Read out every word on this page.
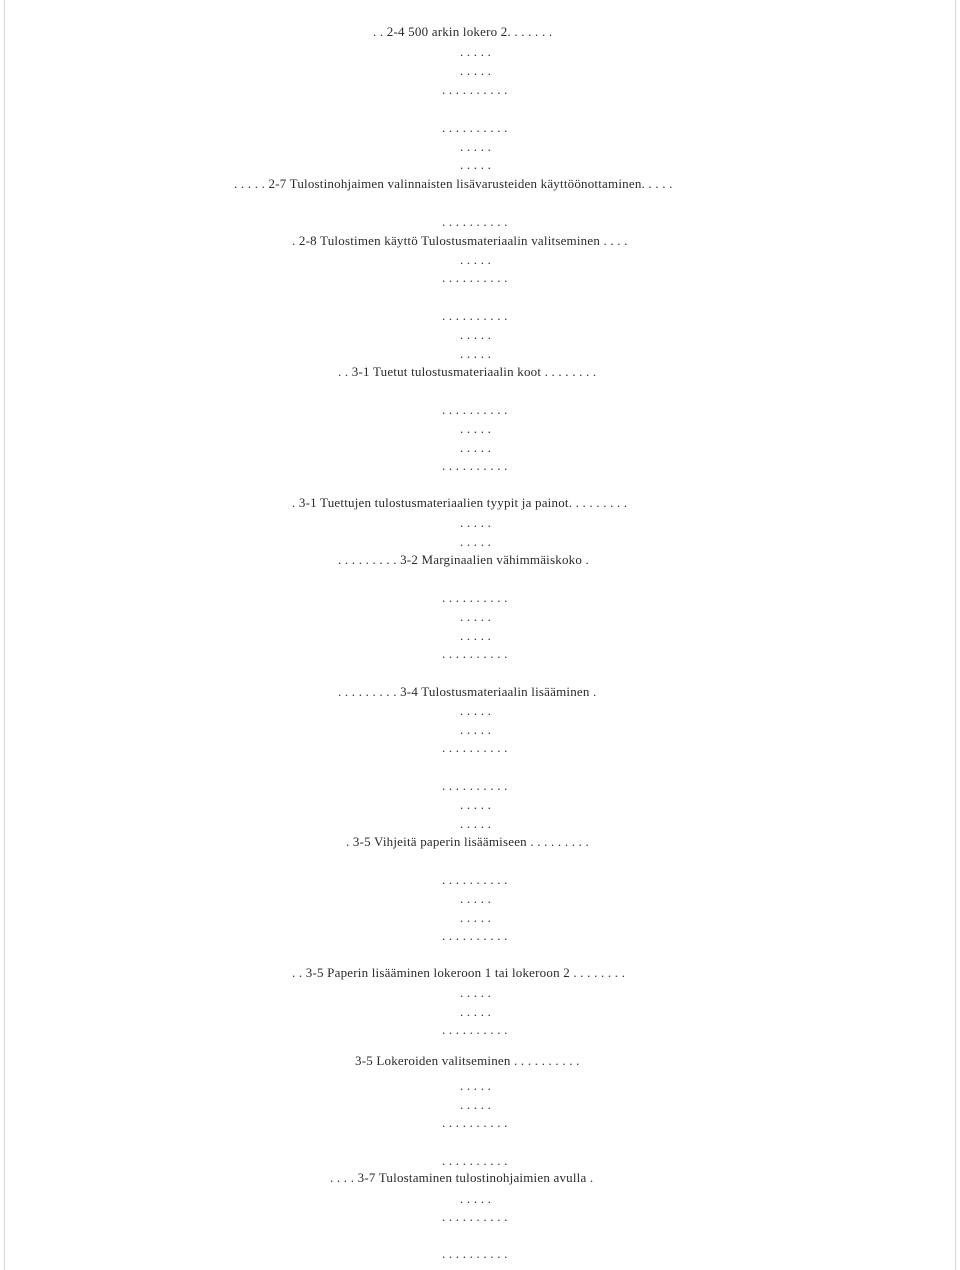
. . 2-4 500 arkin lokero 2. . . . . . .
. . . . .
. . . . .
. . . . . . . . . .
. . . . . . . . . .
. . . . .
. . . . .
. . . . . 2-7 Tulostinohjaimen valinnaisten lisävarusteiden käyttöönottaminen. . . . .
. . . . . . . . . .
. 2-8 Tulostimen käyttö Tulostusmateriaalin valitseminen . . . .
. . . . .
. . . . . . . . . .
. . . . . . . . . .
. . . . .
. . . . .
. . 3-1 Tuetut tulostusmateriaalin koot . . . . . . . .
. . . . . . . . . .
. . . . .
. . . . .
. . . . . . . . . .
. 3-1 Tuettujen tulostusmateriaalien tyypit ja painot. . . . . . . . .
. . . . .
. . . . .
. . . . . . . . . 3-2 Marginaalien vähimmäiskoko .
. . . . . . . . . .
. . . . .
. . . . .
. . . . . . . . . .
. . . . . . . . . 3-4 Tulostusmateriaalin lisääminen .
. . . . .
. . . . .
. . . . . . . . . .
. . . . . . . . . .
. . . . .
. . . . .
. 3-5 Vihjeitä paperin lisäämiseen . . . . . . . . .
. . . . . . . . . .
. . . . .
. . . . .
. . . . . . . . . .
. . 3-5 Paperin lisääminen lokeroon 1 tai lokeroon 2 . . . . . . . .
. . . . .
. . . . .
. . . . . . . . . .
3-5 Lokeroiden valitseminen . . . . . . . . . .
. . . . .
. . . . .
. . . . . . . . . .
. . . . . . . . . .
. . . . 3-7 Tulostaminen tulostinohjaimien avulla .
. . . . .
. . . . . . . . . .
. . . . . . . . . .
